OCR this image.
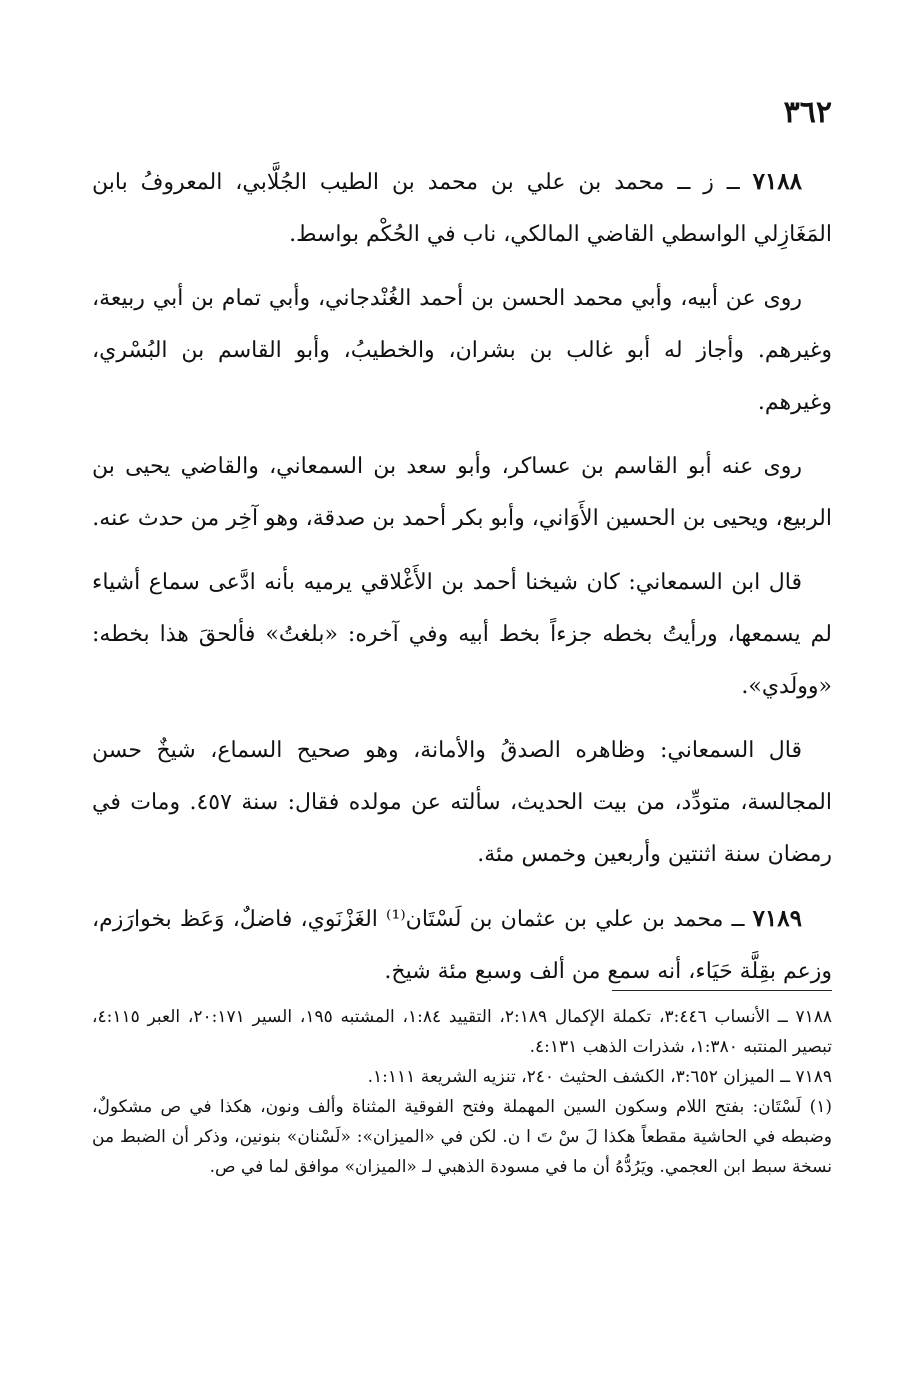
٣٦٢

٧١٨٨ ــ ز ــ محمد بن علي بن محمد بن الطيب الجُلَّابي، المعروفُ بابن المَغَازِلي الواسطي القاضي المالكي، ناب في الحُكْم بواسط.

روى عن أبيه، وأبي محمد الحسن بن أحمد الغُنْدجاني، وأبي تمام بن أبي ربيعة، وغيرهم. وأجاز له أبو غالب بن بشران، والخطيبُ، وأبو القاسم بن البُسْري، وغيرهم.

روى عنه أبو القاسم بن عساكر، وأبو سعد بن السمعاني، والقاضي يحيى بن الربيع، ويحيى بن الحسين الأَوَاني، وأبو بكر أحمد بن صدقة، وهو آخِر من حدث عنه.

قال ابن السمعاني: كان شيخنا أحمد بن الأَغْلاقي يرميه بأنه ادَّعى سماع أشياء لم يسمعها، ورأيتُ بخطه جزءاً بخط أبيه وفي آخره: «بلغتُ» فألحقَ هذا بخطه: «وولَدي».

قال السمعاني: وظاهره الصدقُ والأمانة، وهو صحيح السماع، شيخٌ حسن المجالسة، متودِّد، من بيت الحديث، سألته عن مولده فقال: سنة ٤٥٧. ومات في رمضان سنة اثنتين وأربعين وخمس مئة.

٧١٨٩ ــ محمد بن علي بن عثمان بن لَسْتَان⁽¹⁾ الغَزْنَوي، فاضلٌ، وَعَظ بخوارَزم، وزعم بقِلَّة حَيَاء، أنه سمع من ألف وسبع مئة شيخ.

٧١٨٨ ــ الأنساب ٣:٤٤٦، تكملة الإكمال ٢:١٨٩، التقييد ١:٨٤، المشتبه ١٩٥، السير ٢٠:١٧١، العبر ٤:١١٥، تبصير المنتبه ١:٣٨٠، شذرات الذهب ٤:١٣١.

٧١٨٩ ــ الميزان ٣:٦٥٢، الكشف الحثيث ٢٤٠، تنزيه الشريعة ١:١١١.

(١) لَسْتَان: بفتح اللام وسكون السين المهملة وفتح الفوقية المثناة وألف ونون، هكذا في ص مشكولٌ، وضبطه في الحاشية مقطعاً هكذا لَ سْ تَ ا ن. لكن في «الميزان»: «لَسْنان» بنونين، وذكر أن الضبط من نسخة سبط ابن العجمي. ويَرُدُّهُ أن ما في مسودة الذهبي لـ «الميزان» موافق لما في ص.
